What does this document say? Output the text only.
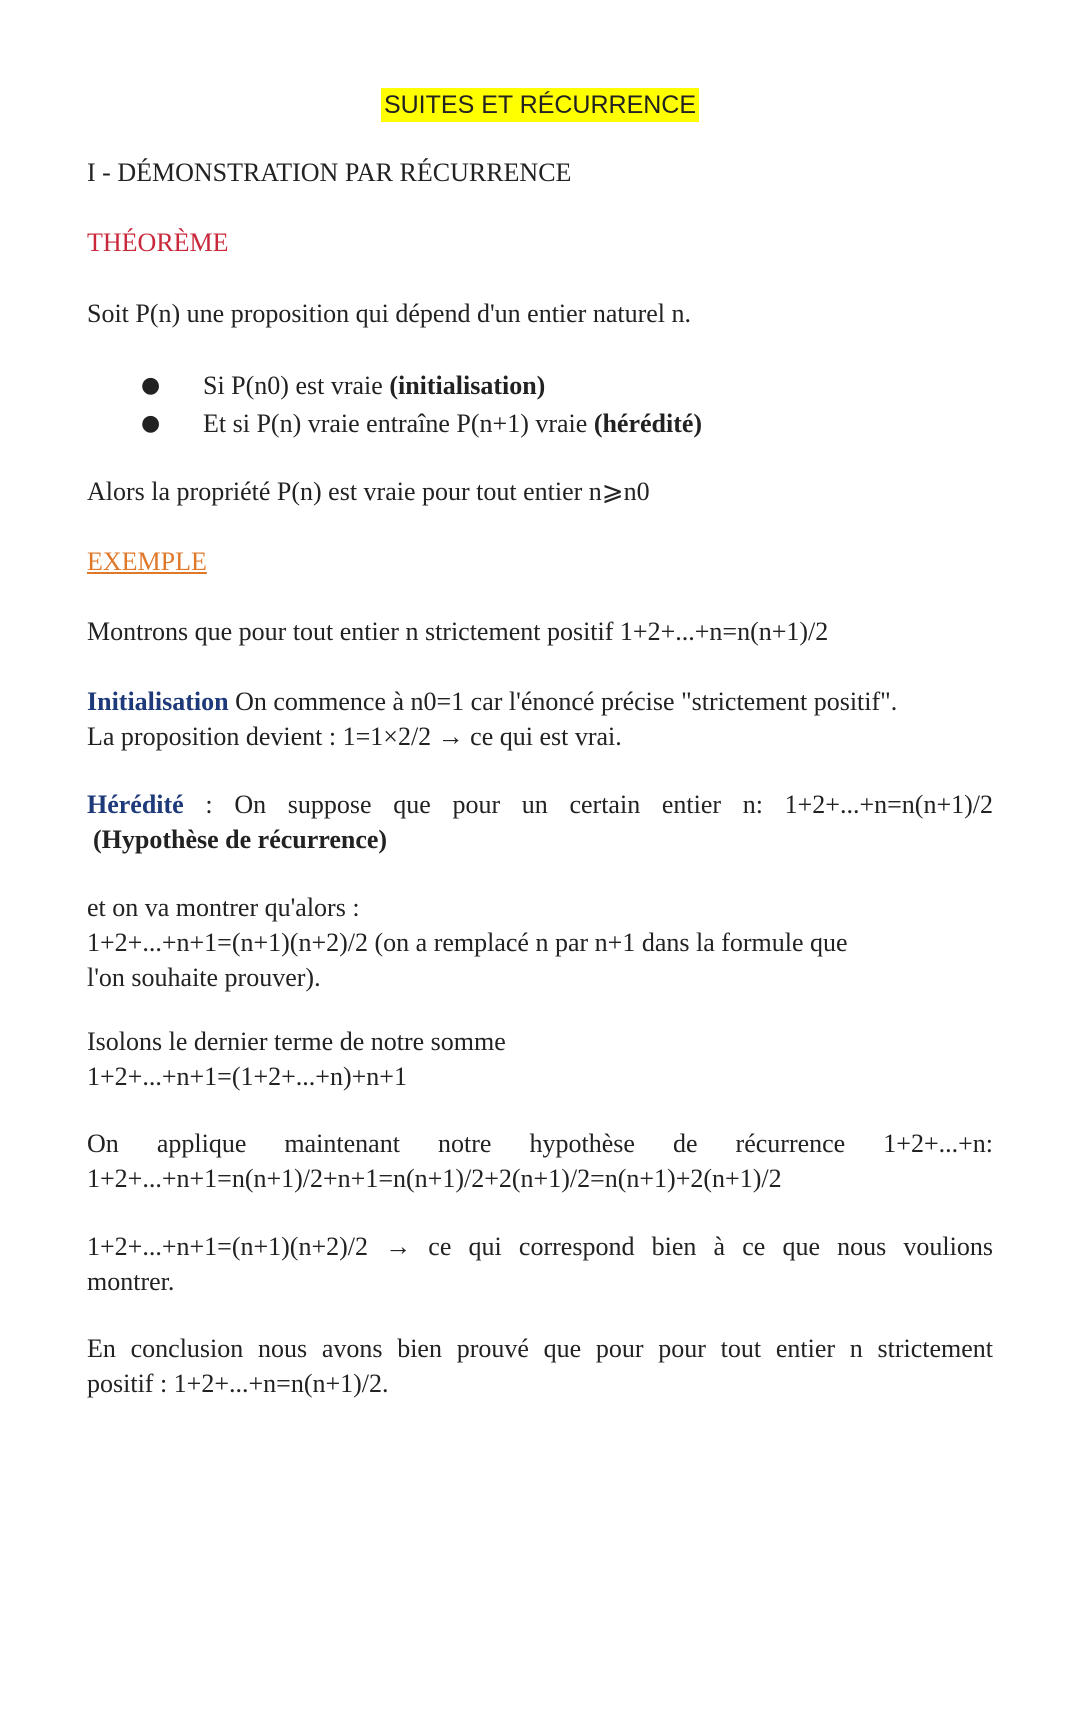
SUITES ET RÉCURRENCE
I - DÉMONSTRATION PAR RÉCURRENCE
THÉORÈME
Soit P(n) une proposition qui dépend d'un entier naturel n.
● Si P(n0) est vraie (initialisation)
● Et si P(n) vraie entraîne P(n+1) vraie (hérédité)
Alors la propriété P(n) est vraie pour tout entier n⩾n0
EXEMPLE
Montrons que pour tout entier n strictement positif 1+2+...+n=n(n+1)/2
Initialisation On commence à n0=1 car l'énoncé précise "strictement positif".
La proposition devient : 1=1×2/2 → ce qui est vrai.
Hérédité : On suppose que pour un certain entier n: 1+2+...+n=n(n+1)/2
(Hypothèse de récurrence)
et on va montrer qu'alors :
1+2+...+n+1=(n+1)(n+2)/2 (on a remplacé n par n+1 dans la formule que
l'on souhaite prouver).
Isolons le dernier terme de notre somme
1+2+...+n+1=(1+2+...+n)+n+1
On applique maintenant notre hypothèse de récurrence 1+2+...+n:
1+2+...+n+1=n(n+1)/2+n+1=n(n+1)/2+2(n+1)/2=n(n+1)+2(n+1)/2
1+2+...+n+1=(n+1)(n+2)/2 → ce qui correspond bien à ce que nous voulions
montrer.
En conclusion nous avons bien prouvé que pour pour tout entier n strictement
positif : 1+2+...+n=n(n+1)/2.
